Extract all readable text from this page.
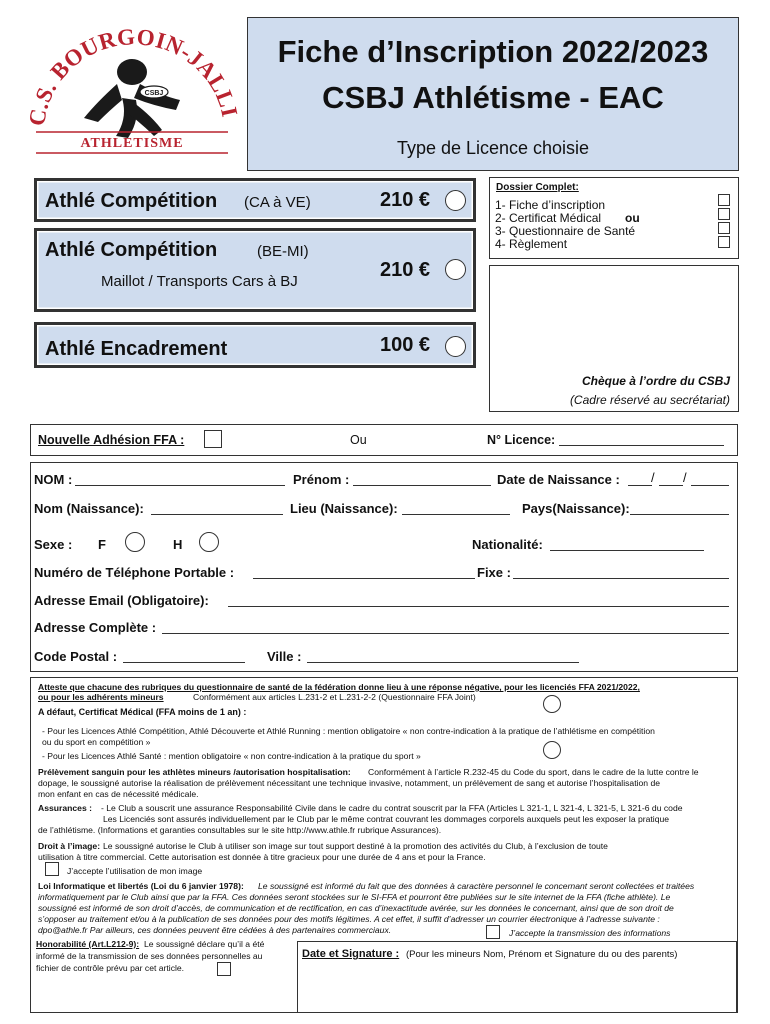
C.S. BOURGOIN-JALLI
CSBJ
ATHLETISME
Fiche d’Inscription 2022/2023
CSBJ Athlétisme - EAC
Type de Licence choisie
Athlé Compétition (CA à VE)	210 €
Athlé Compétition	(BE-MI)
Maillot / Transports Cars à BJ
210 €
Athlé Encadrement	100 €
Dossier Complet:
1- Fiche d’inscription
2- Certificat Médical ou
3- Questionnaire de Santé
4- Règlement
Chèque à l’ordre du CSBJ
(Cadre réservé au secrétariat)
Nouvelle Adhésion FFA :	Ou	N° Licence:
NOM :	Prénom :	Date de Naissance : / /
Nom (Naissance):	Lieu (Naissance):	Pays(Naissance):
Sexe : F	H	Nationalité:
Numéro de Téléphone Portable :	Fixe :
Adresse Email (Obligatoire):
Adresse Complète :
Code Postal :	Ville :
Atteste que chacune des rubriques du questionnaire de santé de la fédération donne lieu à une réponse négative, pour les licenciés FFA 2021/2022,
ou pour les adhérents mineurs	Conformément aux articles L.231-2 et L.231-2-2 (Questionnaire FFA Joint)
A défaut, Certificat Médical (FFA moins de 1 an) :
- Pour les Licences Athlé Compétition, Athlé Découverte et Athlé Running : mention obligatoire « non contre-indication à la pratique de l’athlétisme en compétition
ou du sport en compétition »
- Pour les Licences Athlé Santé : mention obligatoire « non contre-indication à la pratique du sport »
Prélèvement sanguin pour les athlètes mineurs /autorisation hospitalisation: Conformément à l’article R.232-45 du Code du sport, dans le cadre de la lutte contre le
dopage, le soussigné autorise la réalisation de prélèvement nécessitant une technique invasive, notamment, un prélèvement de sang et autorise l’hospitalisation de
mon enfant en cas de nécessité médicale.
Assurances : - Le Club a souscrit une assurance Responsabilité Civile dans le cadre du contrat souscrit par la FFA (Articles L 321-1, L 321-4, L 321-5, L 321-6 du code
Les Licenciés sont assurés individuellement par le Club par le même contrat couvrant les dommages corporels auxquels peut les exposer la pratique
de l’athlétisme. (Informations et garanties consultables sur le site http://www.athle.fr rubrique Assurances).
Droit à l’image: Le soussigné autorise le Club à utiliser son image sur tout support destiné à la promotion des activités du Club, à l’exclusion de toute
utilisation à titre commercial. Cette autorisation est donnée à titre gracieux pour une durée de 4 ans et pour la France.
J’accepte l’utilisation de mon image
Loi Informatique et libertés (Loi du 6 janvier 1978): Le soussigné est informé du fait que des données à caractère personnel le concernant seront collectées et traitées
informatiquement par le Club ainsi que par la FFA. Ces données seront stockées sur le SI-FFA et pourront être publiées sur le site internet de la FFA (fiche athlète). Le
soussigné est informé de son droit d’accès, de communication et de rectification, en cas d’inexactitude avérée, sur les données le concernant, ainsi que de son droit de
s’opposer au traitement et/ou à la publication de ses données pour des motifs légitimes. A cet effet, il suffit d’adresser un courrier électronique à l’adresse suivante :
dpo@athle.fr Par ailleurs, ces données peuvent être cédées à des partenaires commerciaux.	J’accepte la transmission des informations
Honorabilité (Art.L212-9): Le soussigné déclare qu’il a été
informé de la transmission de ses données personnelles au
fichier de contrôle prévu par cet article.
Date et Signature : (Pour les mineurs Nom, Prénom et Signature du ou des parents)
